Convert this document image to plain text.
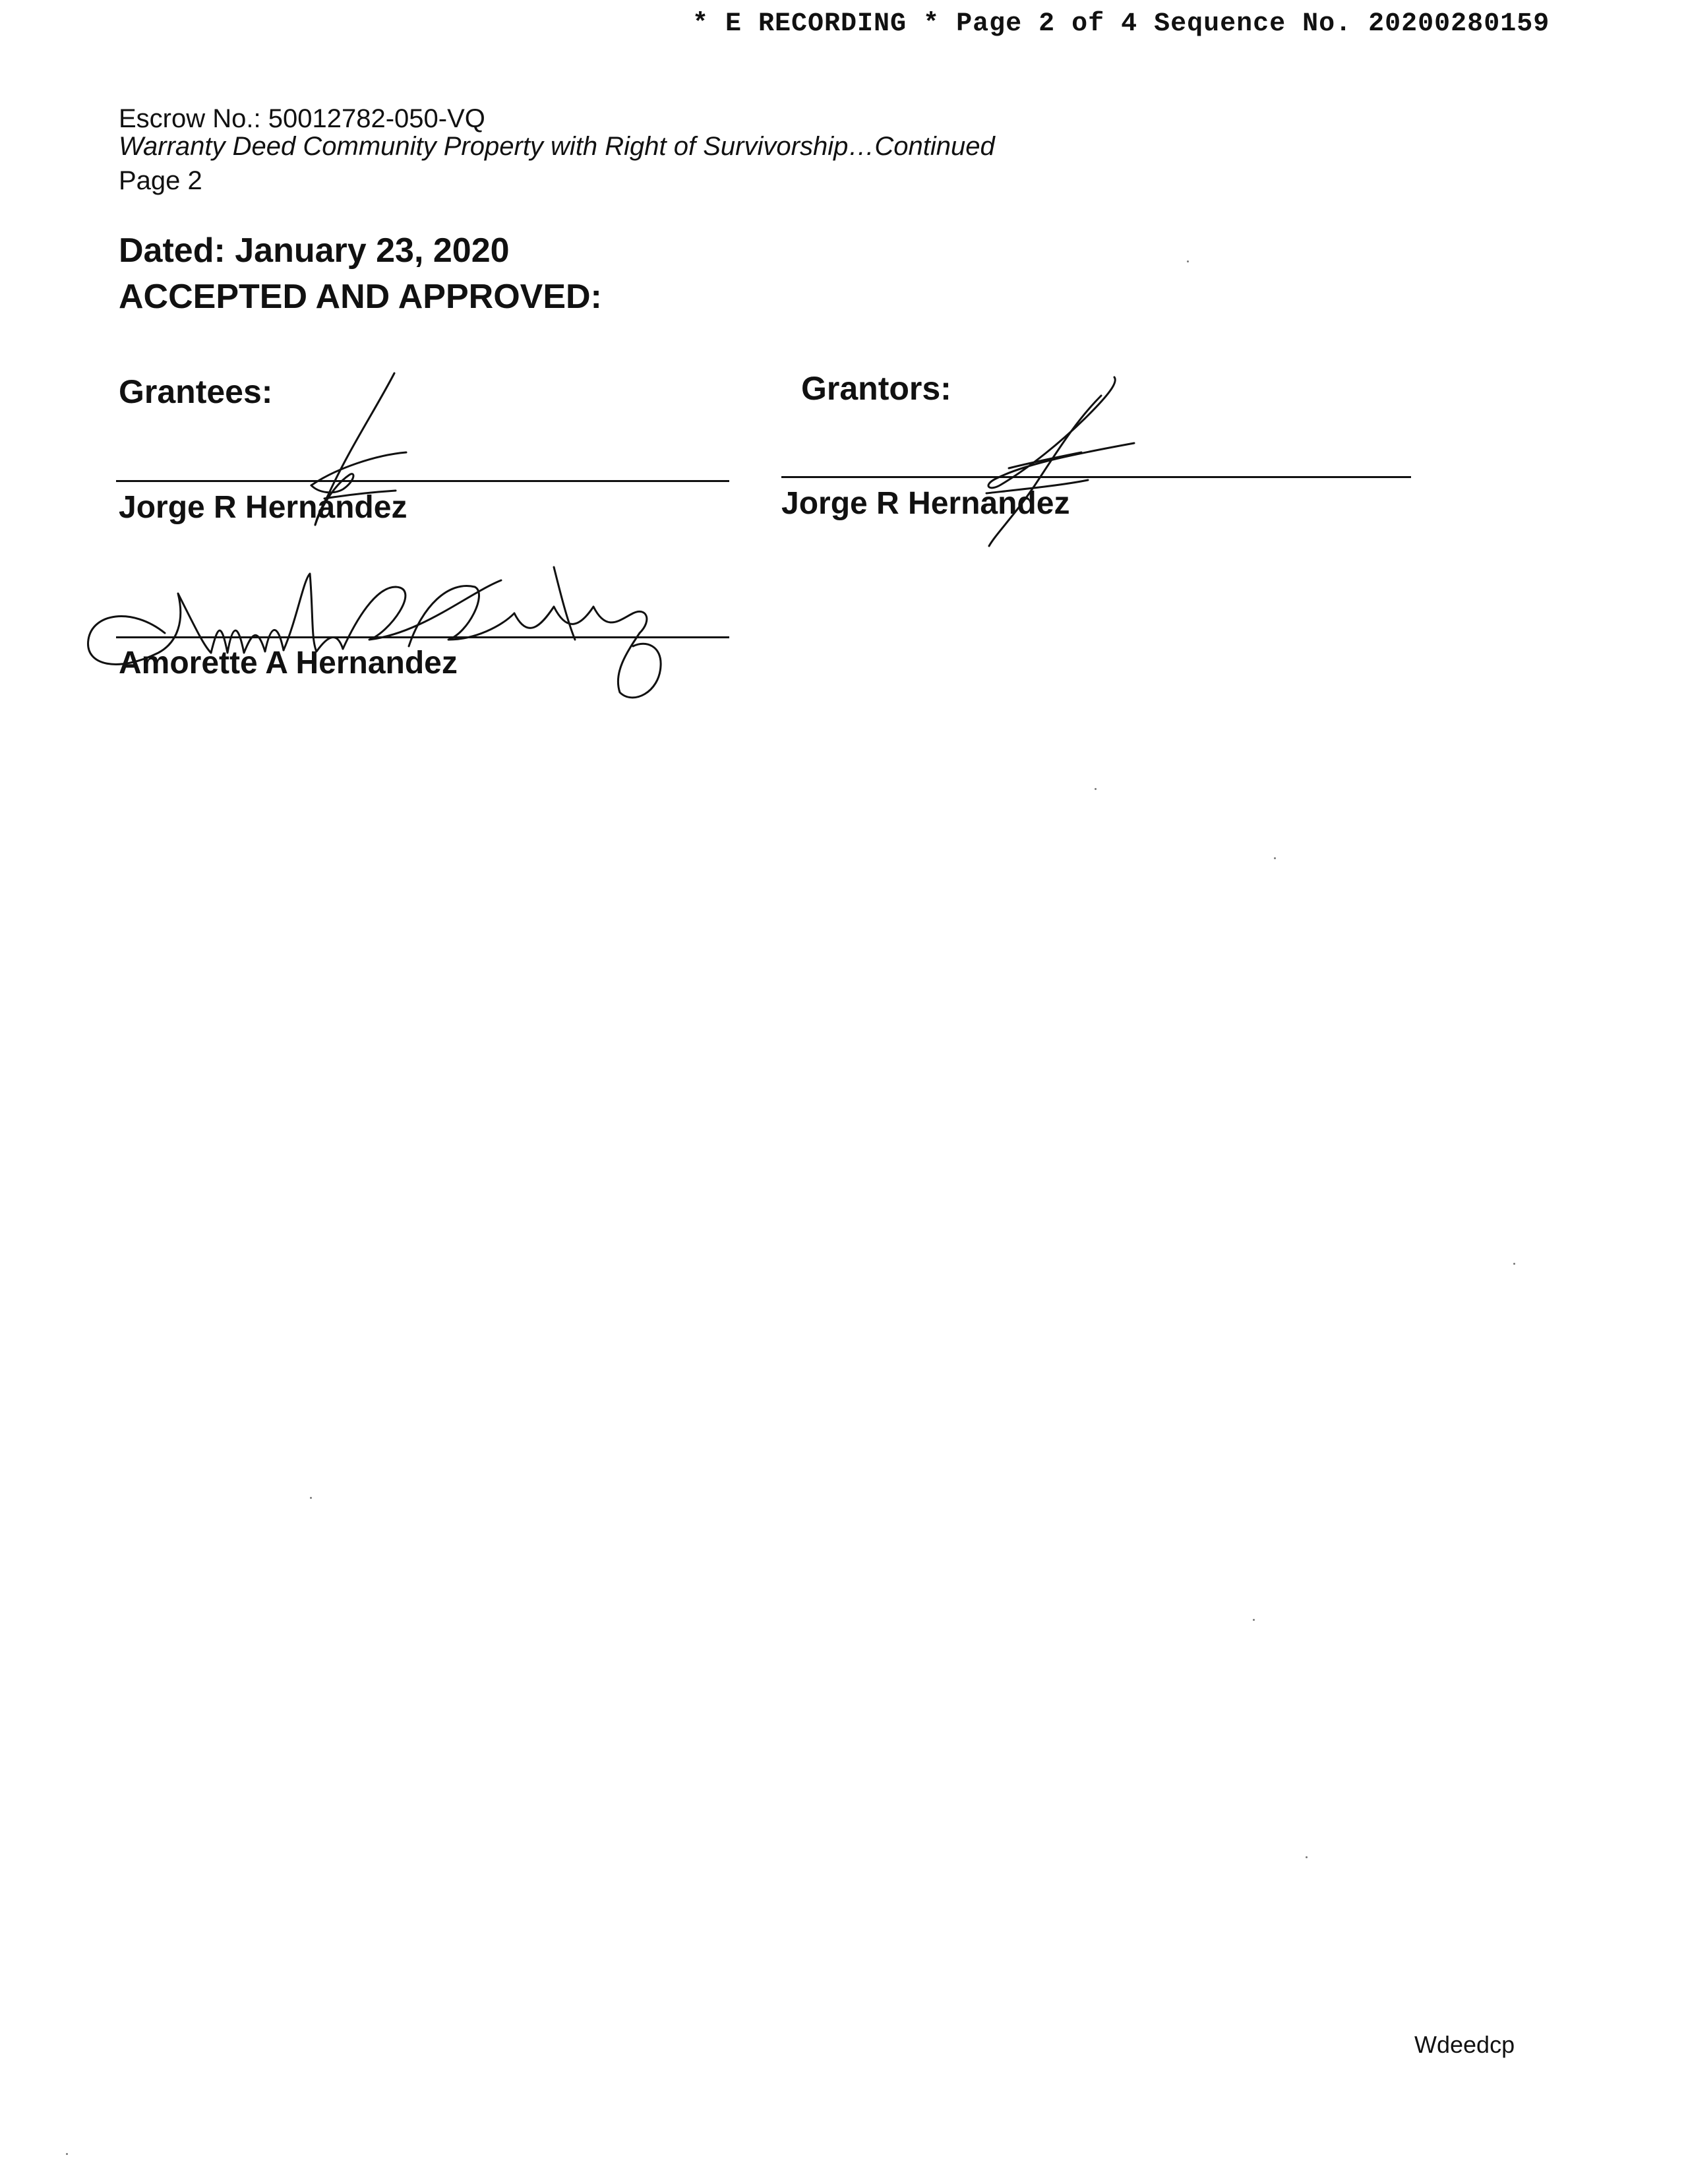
* E RECORDING * Page 2 of 4 Sequence No. 20200280159
Escrow No.: 50012782-050-VQ
Warranty Deed Community Property with Right of Survivorship…Continued
Page 2
Dated: January 23, 2020
ACCEPTED AND APPROVED:
Grantees:	Grantors:
Jorge R Hernandez	Jorge R Hernandez
Amorette A Hernandez
Wdeedcp
